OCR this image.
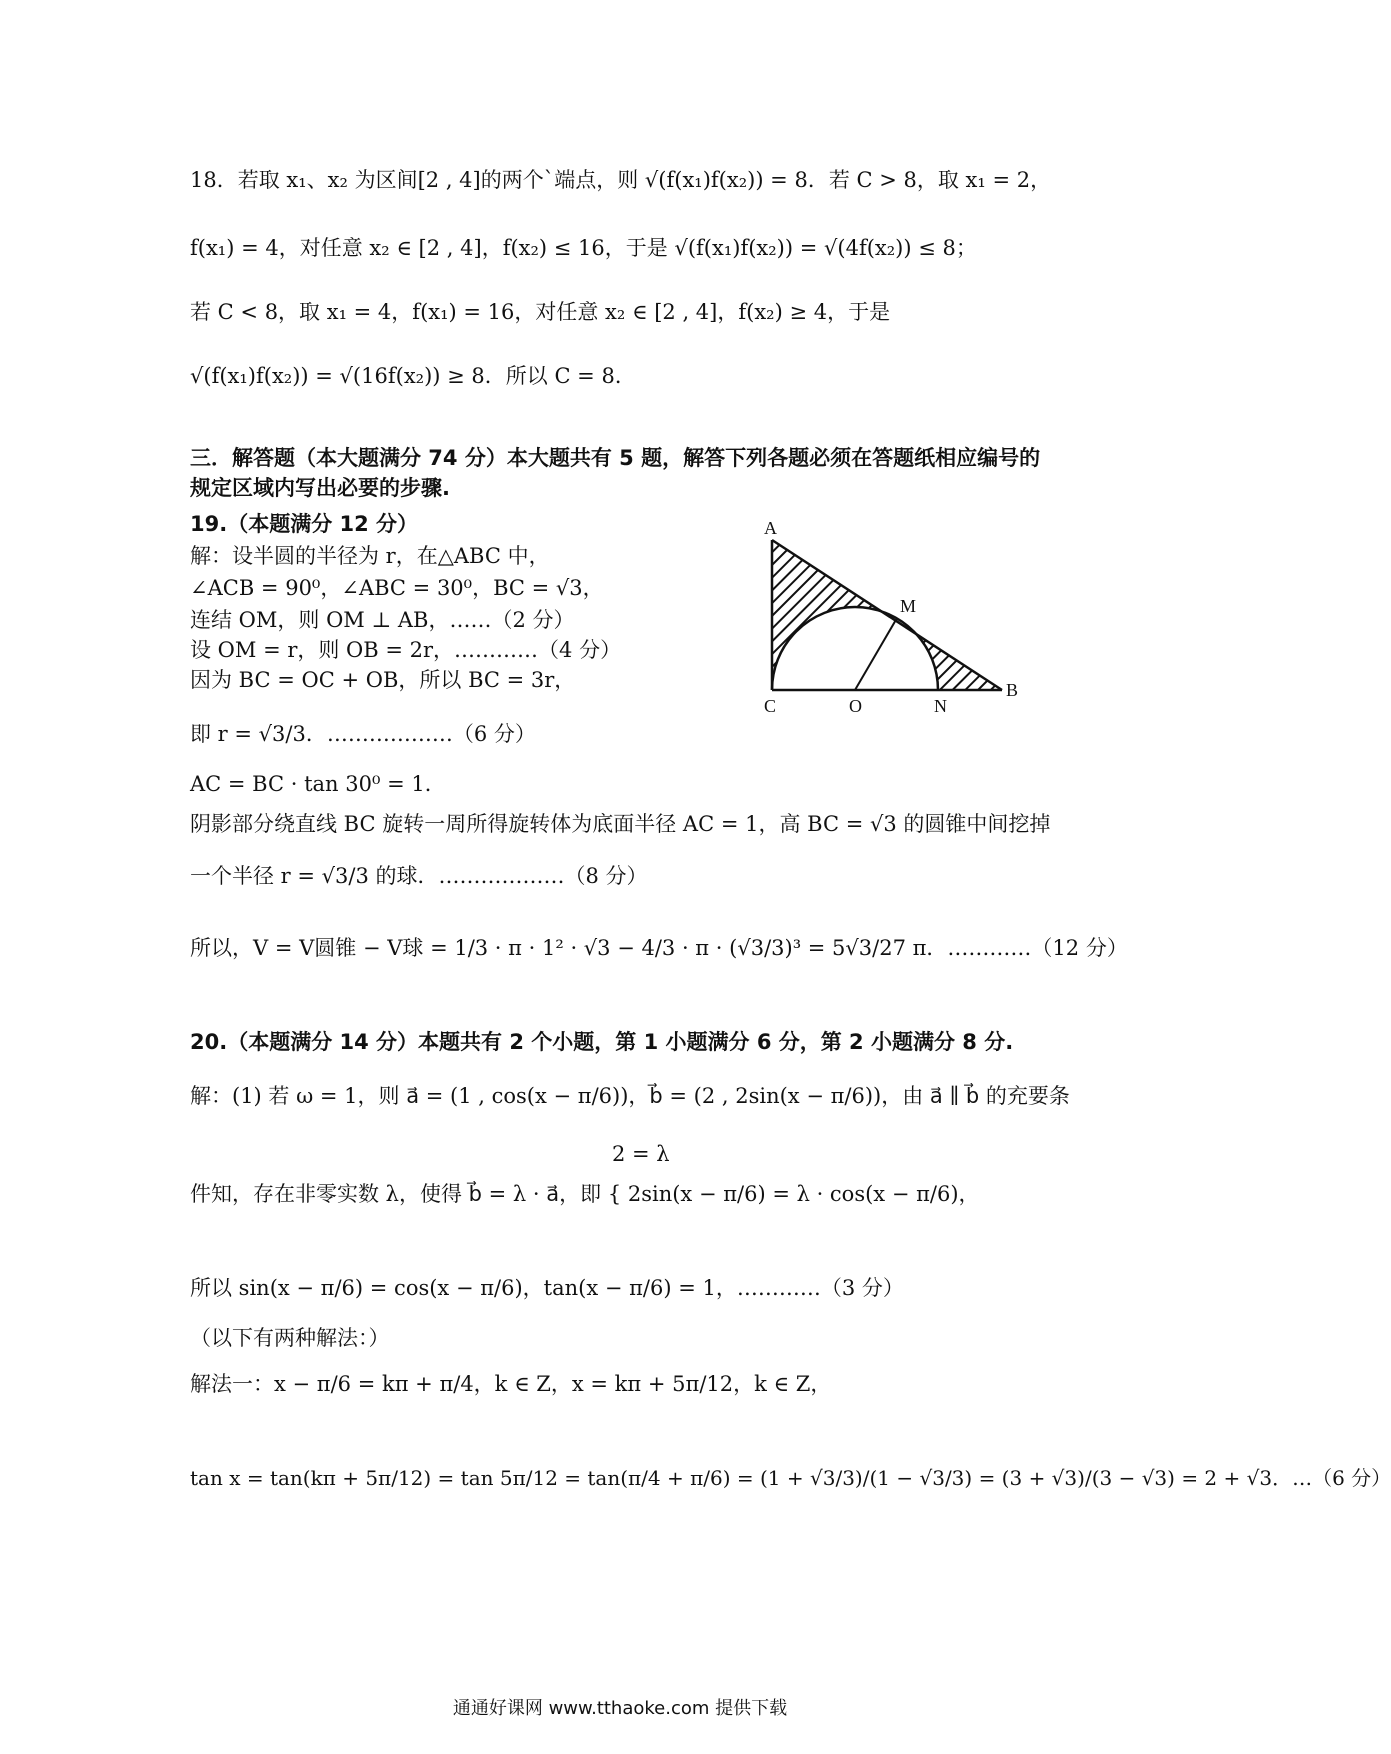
18．若取 x₁、x₂ 为区间[2 , 4]的两个`端点，则 √(f(x₁)f(x₂)) = 8．若 C > 8，取 x₁ = 2，
f(x₁) = 4，对任意 x₂ ∈ [2 , 4]，f(x₂) ≤ 16，于是 √(f(x₁)f(x₂)) = √(4f(x₂)) ≤ 8；
若 C < 8，取 x₁ = 4，f(x₁) = 16，对任意 x₂ ∈ [2 , 4]，f(x₂) ≥ 4，于是
√(f(x₁)f(x₂)) = √(16f(x₂)) ≥ 8．所以 C = 8．
三．解答题（本大题满分 74 分）本大题共有 5 题，解答下列各题必须在答题纸相应编号的
规定区域内写出必要的步骤.
19.（本题满分 12 分）
解：设半圆的半径为 r，在△ABC 中，
∠ACB = 90⁰，∠ABC = 30⁰，BC = √3，
连结 OM，则 OM ⊥ AB，……（2 分）
设 OM = r，则 OB = 2r，…………（4 分）
因为 BC = OC + OB，所以 BC = 3r，
即 r = √3/3．………………（6 分）
AC = BC · tan 30⁰ = 1．
阴影部分绕直线 BC 旋转一周所得旋转体为底面半径 AC = 1，高 BC = √3 的圆锥中间挖掉
一个半径 r = √3/3 的球．………………（8 分）
所以，V = V圆锥 − V球 = 1/3 · π · 1² · √3 − 4/3 · π · (√3/3)³ = 5√3/27 π．…………（12 分）
A
M
B
C	O	N
20.（本题满分 14 分）本题共有 2 个小题，第 1 小题满分 6 分，第 2 小题满分 8 分.
解：(1) 若 ω = 1，则 a⃗ = (1 , cos(x − π/6))，b⃗ = (2 , 2sin(x − π/6))，由 a⃗ ∥ b⃗ 的充要条
2 = λ
件知，存在非零实数 λ，使得 b⃗ = λ · a⃗，即 { 2sin(x − π/6) = λ · cos(x − π/6)，
所以 sin(x − π/6) = cos(x − π/6)，tan(x − π/6) = 1，…………（3 分）
（以下有两种解法：）
解法一：x − π/6 = kπ + π/4，k ∈ Z，x = kπ + 5π/12，k ∈ Z，
tan x = tan(kπ + 5π/12) = tan 5π/12 = tan(π/4 + π/6) = (1 + √3/3)/(1 − √3/3) = (3 + √3)/(3 − √3) = 2 + √3．…（6 分）
通通好课网 www.tthaoke.com 提供下载
